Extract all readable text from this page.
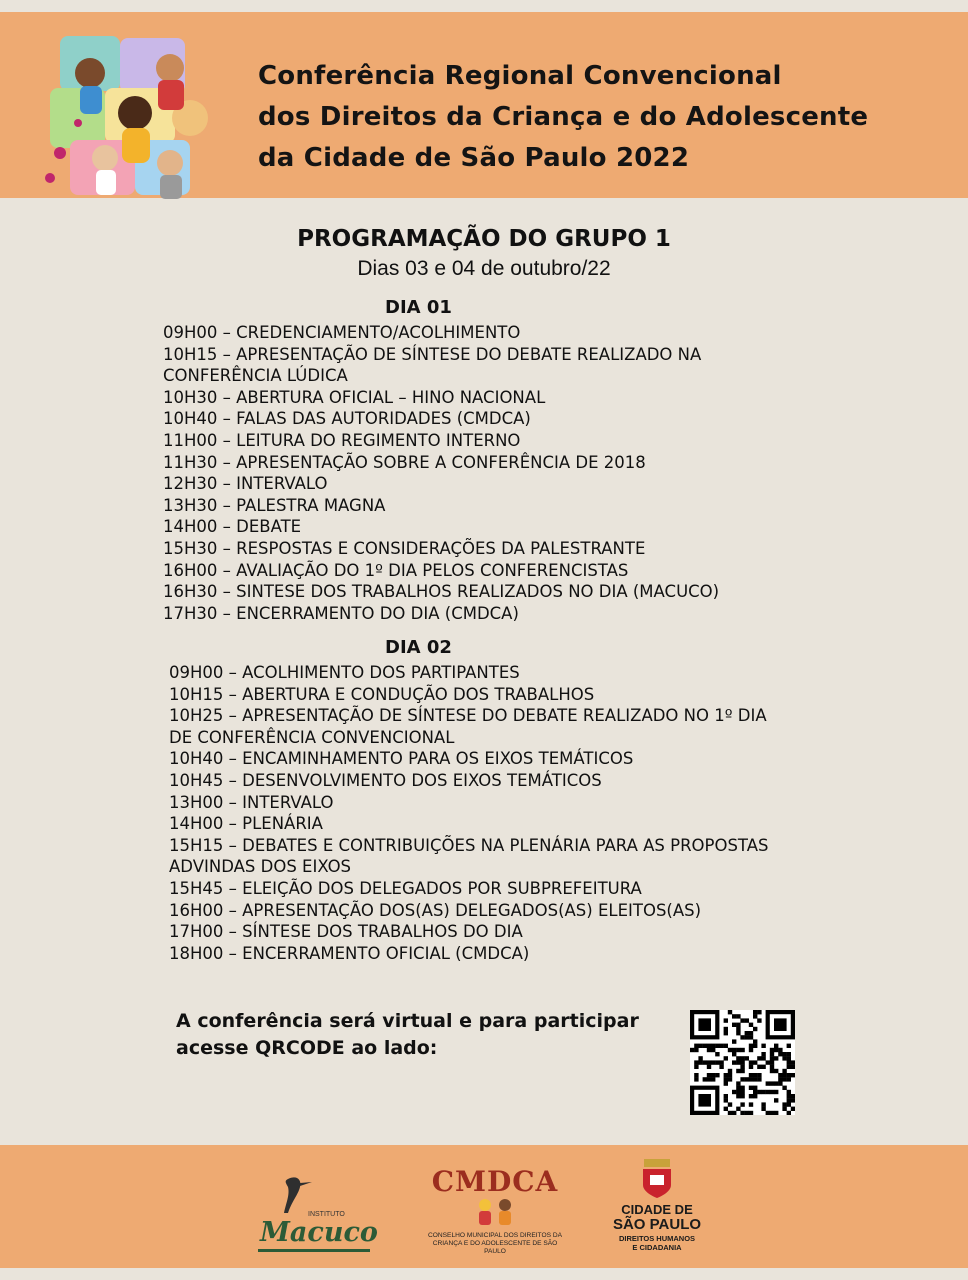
Conferência Regional Convencional
dos Direitos da Criança e do Adolescente
da Cidade de São Paulo 2022
PROGRAMAÇÃO DO GRUPO 1
Dias 03 e 04 de outubro/22
DIA 01
09H00 – CREDENCIAMENTO/ACOLHIMENTO
10H15 – APRESENTAÇÃO DE SÍNTESE DO DEBATE REALIZADO NA
CONFERÊNCIA LÚDICA
10H30 – ABERTURA OFICIAL – HINO NACIONAL
10H40 – FALAS DAS AUTORIDADES (CMDCA)
11H00 – LEITURA DO REGIMENTO INTERNO
11H30 – APRESENTAÇÃO SOBRE A CONFERÊNCIA DE 2018
12H30 – INTERVALO
13H30 – PALESTRA MAGNA
14H00 – DEBATE
15H30 – RESPOSTAS E CONSIDERAÇÕES DA PALESTRANTE
16H00 – AVALIAÇÃO DO 1º DIA PELOS CONFERENCISTAS
16H30 – SINTESE DOS TRABALHOS REALIZADOS NO DIA (MACUCO)
17H30 – ENCERRAMENTO DO DIA (CMDCA)
DIA 02
09H00 – ACOLHIMENTO DOS PARTIPANTES
10H15 – ABERTURA E CONDUÇÃO DOS TRABALHOS
10H25 – APRESENTAÇÃO DE SÍNTESE DO DEBATE REALIZADO NO 1º DIA
DE CONFERÊNCIA CONVENCIONAL
10H40 – ENCAMINHAMENTO PARA OS EIXOS TEMÁTICOS
10H45 – DESENVOLVIMENTO DOS EIXOS TEMÁTICOS
13H00 – INTERVALO
14H00 – PLENÁRIA
15H15 – DEBATES E CONTRIBUIÇÕES NA PLENÁRIA PARA AS PROPOSTAS
ADVINDAS DOS EIXOS
15H45 – ELEIÇÃO DOS DELEGADOS POR SUBPREFEITURA
16H00 – APRESENTAÇÃO DOS(AS) DELEGADOS(AS) ELEITOS(AS)
17H00 – SÍNTESE DOS TRABALHOS DO DIA
18H00 – ENCERRAMENTO OFICIAL (CMDCA)
A conferência será virtual e para participar
acesse QRCODE ao lado:
INSTITUTO
Macuco
CMDCA
CONSELHO MUNICIPAL DOS DIREITOS DA
CRIANÇA E DO ADOLESCENTE DE SÃO PAULO
CIDADE DE
SÃO PAULO
DIREITOS HUMANOS
E CIDADANIA
